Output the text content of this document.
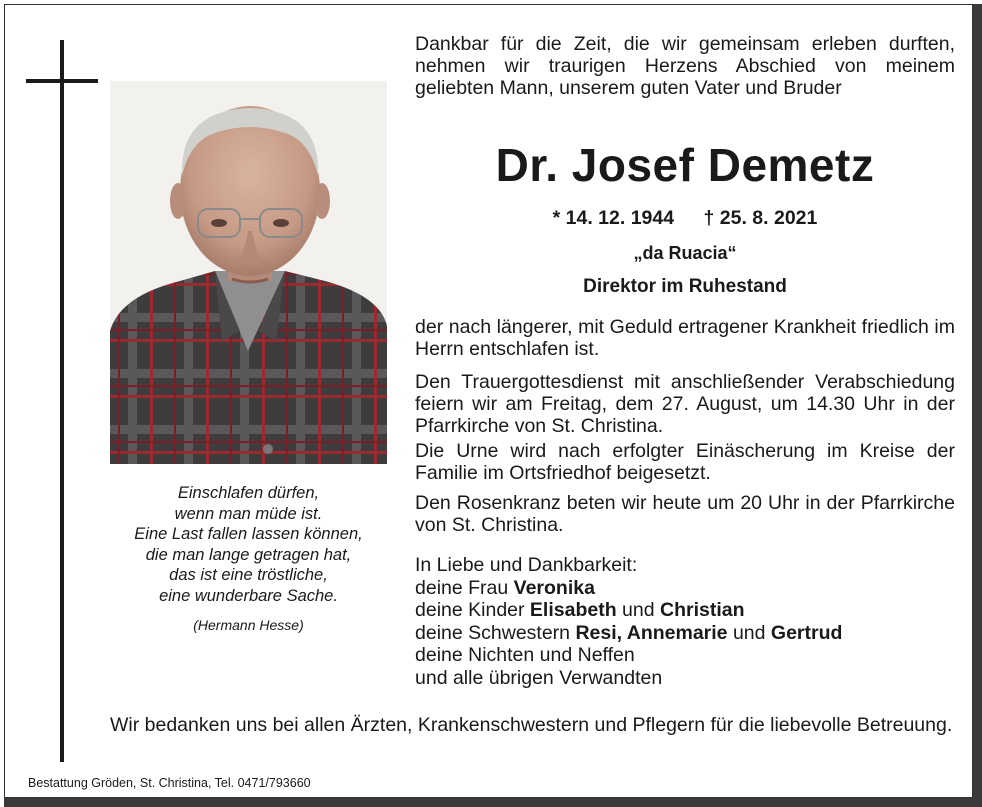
Einschlafen dürfen,
wenn man müde ist.
Eine Last fallen lassen können,
die man lange getragen hat,
das ist eine tröstliche,
eine wunderbare Sache.
(Hermann Hesse)
Dankbar für die Zeit, die wir gemeinsam erleben durften, nehmen wir traurigen Herzens Abschied von meinem geliebten Mann, unserem guten Vater und Bruder
Dr. Josef Demetz
* 14. 12. 1944 † 25. 8. 2021
„da Ruacia“
Direktor im Ruhestand
der nach längerer, mit Geduld ertragener Krankheit friedlich im Herrn entschlafen ist.
Den Trauergottesdienst mit anschließender Verabschiedung feiern wir am Freitag, dem 27. August, um 14.30 Uhr in der Pfarrkirche von St. Christina.
Die Urne wird nach erfolgter Einäscherung im Kreise der Familie im Ortsfriedhof beigesetzt.
Den Rosenkranz beten wir heute um 20 Uhr in der Pfarrkirche von St. Christina.
In Liebe und Dankbarkeit:
deine Frau Veronika
deine Kinder Elisabeth und Christian
deine Schwestern Resi, Annemarie und Gertrud
deine Nichten und Neffen
und alle übrigen Verwandten
Wir bedanken uns bei allen Ärzten, Krankenschwestern und Pflegern für die liebevolle Betreuung.
Bestattung Gröden, St. Christina, Tel. 0471/793660
